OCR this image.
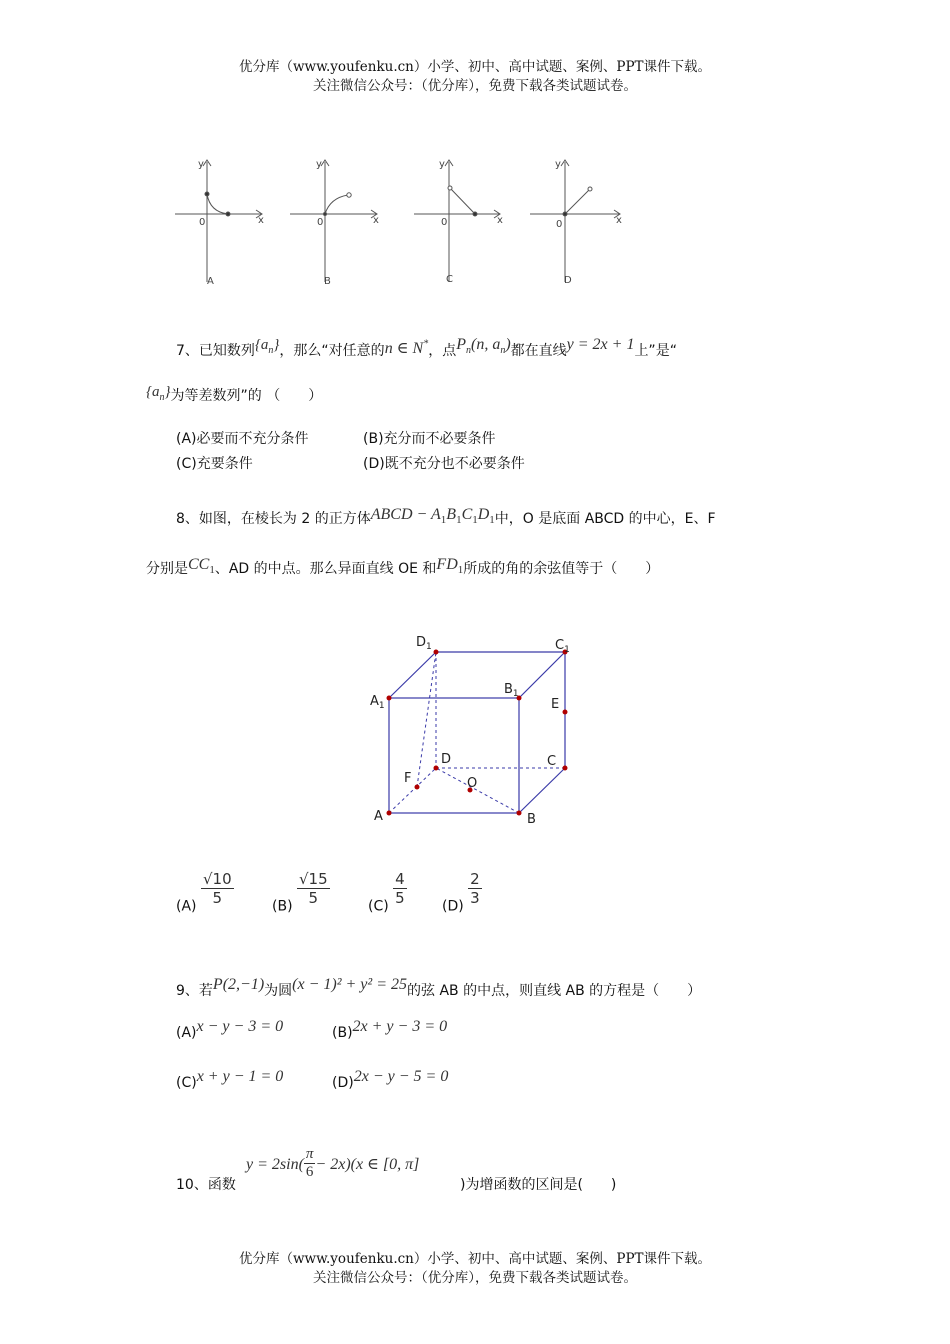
优分库（www.youfenku.cn）小学、初中、高中试题、案例、PPT课件下载。
关注微信公众号：（优分库），免费下载各类试题试卷。
y
x
0
A
y
x
0
B
y
x
0
C
y
x
0
D
7、已知数列$\{a_n\}$，那么“对任意的n ∈ N*，点$P_n(n$, $a_n$)都在直线y = 2x + 1上”是“
$\{a_n\}$为等差数列”的 （　　）
(A)必要而不充分条件	(B)充分而不必要条件
(C)充要条件	(D)既不充分也不必要条件
8、如图，在棱长为 2 的正方体ABCD − $A_1B_1C_1D_1$中，O 是底面 ABCD 的中心，E、F
分别是$CC_1$、AD 的中点。那么异面直线 OE 和$FD_1$所成的角的余弦值等于（　　）
A	B
C
D
$A_1$
$B_1$
$C_1$
$D_1$
E
F	O
$(A) \frac{√10}{5}$	$(B) \frac{√15}{5}$	$(C) \frac{4}{5}$	$(D) \frac{2}{3}$
9、若P(2,−1)为圆(x − 1)² + y² = 25的弦 AB 的中点，则直线 AB 的方程是（　　）
(A)x − y − 3 = 0	(B)2x + y − 3 = 0
(C)x + y − 1 = 0	(D)2x − y − 5 = 0
10、函数
$y = 2\sin( \frac{\pi}{6} - 2x)(x$ ∈ [0, π]
)为增函数的区间是(　　)
优分库（www.youfenku.cn）小学、初中、高中试题、案例、PPT课件下载。
关注微信公众号：（优分库），免费下载各类试题试卷。
